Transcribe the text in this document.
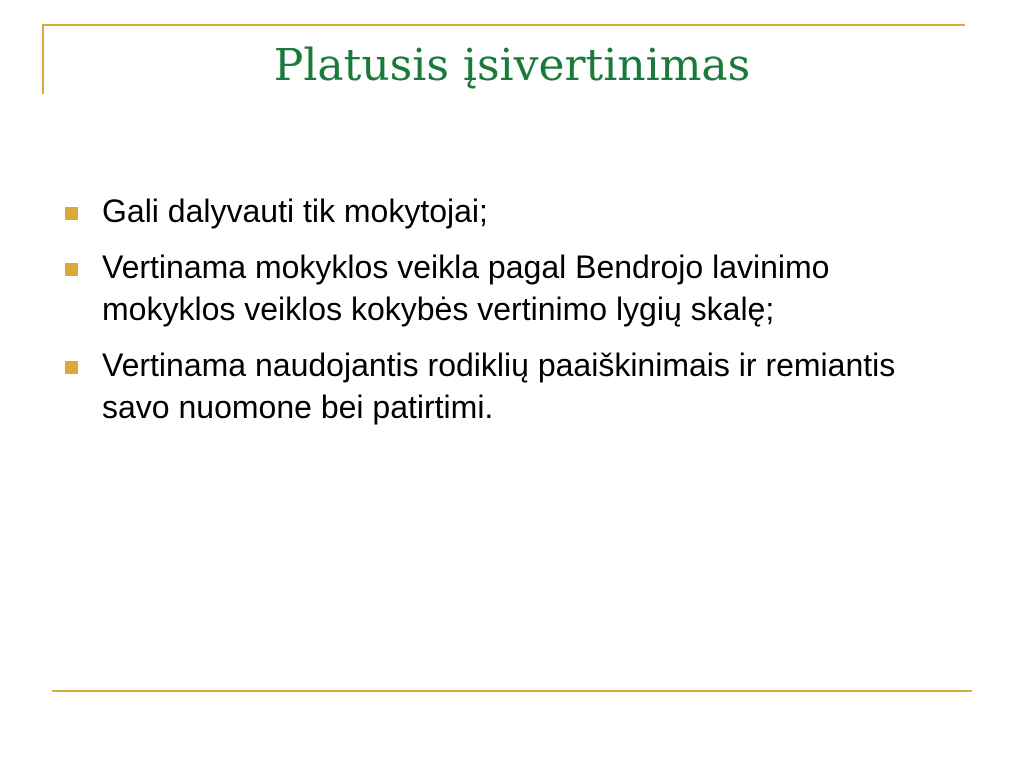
Platusis įsivertinimas
Gali dalyvauti tik mokytojai;
Vertinama mokyklos veikla pagal Bendrojo lavinimo mokyklos veiklos kokybės vertinimo lygių skalę;
Vertinama naudojantis rodiklių paaiškinimais ir remiantis savo nuomone bei patirtimi.
